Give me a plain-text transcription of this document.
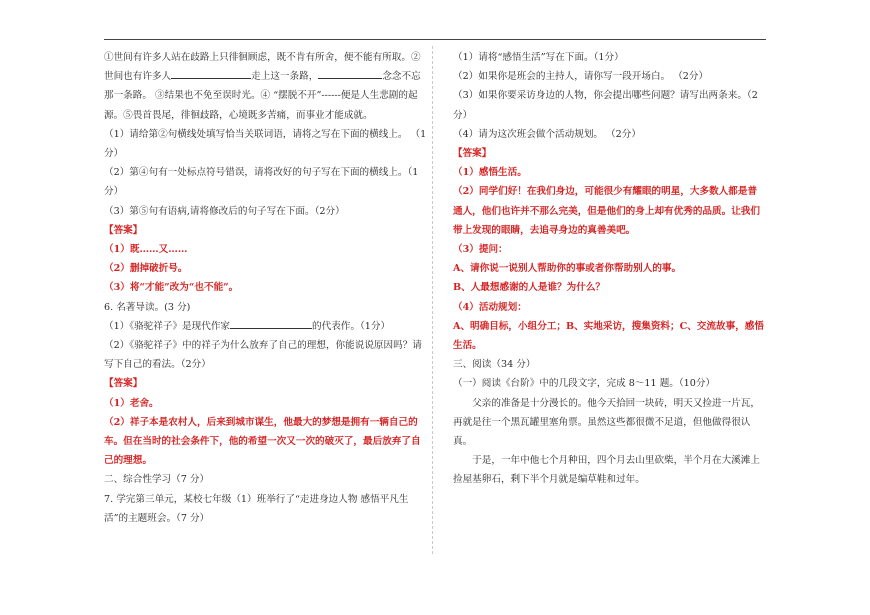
①世间有许多人站在歧路上只徘徊顾虑，既不肯有所舍，便不能有所取。②世间也有许多人	走上这一条路，	念念不忘那一条路。 ③结果也不免至误时光。④ “摆脱不开”------便是人生悲剧的起源。⑤畏首畏尾，徘徊歧路，心境既多苦痛，而事业才能成就。

（1）请给第②句横线处填写恰当关联词语，请将之写在下面的横线上。 （1分）

（2）第④句有一处标点符号错误，请将改好的句子写在下面的横线上。（1分）

（3）第⑤句有语病,请将修改后的句子写在下面。（2分）

【答案】

（1）既……又……

（2）删掉破折号。

（3）将“才能”改为“也不能”。

6. 名著导读。(3 分)

（1）《骆驼祥子》是现代作家	的代表作。（1分）

（2）《骆驼祥子》中的祥子为什么放弃了自己的理想，你能说说原因吗？请写下自己的看法。（2分）

【答案】

（1）老舍。

（2）祥子本是农村人，后来到城市谋生，他最大的梦想是拥有一辆自己的车。但在当时的社会条件下，他的希望一次又一次的破灭了，最后放弃了自己的理想。

二、综合性学习（7 分）

7. 学完第三单元，某校七年级（1）班举行了“走进身边人物 感悟平凡生活”的主题班会。（7 分）

（1）请将“感悟生活”写在下面。（1分）

（2）如果你是班会的主持人，请你写一段开场白。 （2分）

（3）如果你要采访身边的人物，你会提出哪些问题？请写出两条来。（2分）

（4）请为这次班会做个活动规划。 （2分）

【答案】

（1）感悟生活。

（2）同学们好！在我们身边，可能很少有耀眼的明星，大多数人都是普通人，他们也许并不那么完美，但是他们的身上却有优秀的品质。让我们带上发现的眼睛，去追寻身边的真善美吧。

（3）提问：

A、请你说一说别人帮助你的事或者你帮助别人的事。

B、人最想感谢的人是谁？为什么？

（4）活动规划：

A、明确目标，小组分工；B、实地采访，搜集资料；C、交流故事，感悟生活。

三、阅读（34 分）

（一）阅读《台阶》中的几段文字，完成 8～11 题。（10分）

父亲的准备是十分漫长的。他今天拾回一块砖，明天又捡进一片瓦，再就是往一个黑瓦罐里塞角票。虽然这些都很微不足道，但他做得很认真。

于是，一年中他七个月种田，四个月去山里砍柴，半个月在大溪滩上捡屋基卵石，剩下半个月就是编草鞋和过年。
